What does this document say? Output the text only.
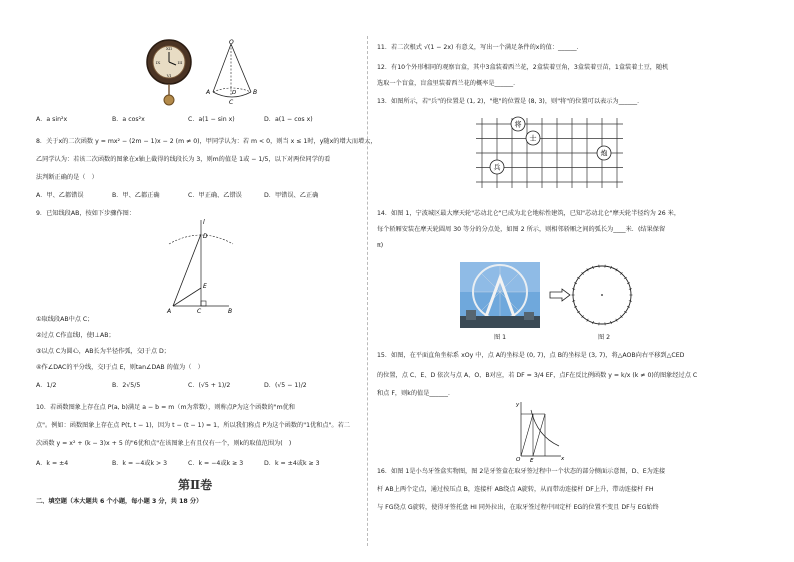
XII
III
VI
IX
O
A	B
C
D
A．a sin²x	B．a cos²x	C．a(1 − sin x)	D．a(1 − cos x)
8．关于x的二次函数 y = mx² − (2m − 1)x − 2 (m ≠ 0)，甲同学认为：若 m < 0，则当 x ≤ 1时，y随x的增大而增大，
乙同学认为：若该二次函数的图象在x轴上截得的线段长为 3，则m的值是 1或 − 1/5，以下对两位同学的看
法判断正确的是（　）
A．甲、乙都错误	B．甲、乙都正确	C．甲正确、乙错误	D．甲错误、乙正确
9．已知线段AB，按如下步骤作图：
l
D
E
A	C	B
①取线段AB中点 C；
②过点 C作直线l，使l⊥AB；
③以点 C为圆心，AB长为半径作弧，交l于点 D；
④作∠DAC的平分线，交l于点 E，则tan∠DAB 的值为（　）
A．1/2	B．2√5/5	C．(√5 + 1)/2	D．(√5 − 1)/2
10．若函数图象上存在点 P(a, b)满足 a − b = m（m为常数），则称点P为这个函数的"m优和
点"。例如：函数图象上存在点 P(t, t − 1)，因为 t − (t − 1) = 1，所以我们称点 P为这个函数的"1优和点"。若二
次函数 y = x² + (k − 3)x + 5 的"6优和点"在该图象上有且仅有一个，则k的取值范围为(　)
A．k = ±4	B．k = −4或k > 3	C．k = −4或k ≥ 3	D．k = ±4或k ≥ 3
第Ⅱ卷
二、填空题（本大题共 6 个小题，每小题 3 分，共 18 分）
11．若二次根式 √(1 − 2x) 有意义，写出一个满足条件的x的值：______．
12．有10个外形相同的观察盲盒，其中3盒装着西兰花，2盒装着豆角，3盒装着豆苗，1盒装着土豆，随机
选取一个盲盒，盲盒里装着西兰花的概率是______．
13．如图所示，若"兵"的位置是 (1, 2)，"炮"的位置是 (8, 3)，则"将"的位置可以表示为______．
将
士
炮
兵
14．如图 1，宁波城区最大摩天轮"芯动北仑"已成为北仑地标性建筑，已知"芯动北仑"摩天轮半径约为 26 米，
每个轿厢安装在摩天轮圆周 30 等分的分点处，如图 2 所示，则相邻轿厢之间的弧长为____米．(结果保留
π)
图 1	图 2
15．如图，在平面直角坐标系 xOy 中，点 A的坐标是 (0, 7)，点 B的坐标是 (3, 7)，将△AOB向右平移到△CED
的位置，点 C、E、D 依次与点 A、O、B对应，若 DF = 3/4 EF，点F在反比例函数 y = k/x (k ≠ 0)的图象经过点 C
和点 F，则k的值是______．
y
x
O E
16．如图 1是小鸟牙签盒实物图，图 2是牙签盒在取牙签过程中一个状态的部分侧面示意图，D、E为连接
杆 AB上两个定点，通过按压点 B，连接杆 AB绕点 A旋转，从而带动连接杆 DF上升，带动连接杆 FH
与 FG绕点 G旋转，使得牙签托盘 HI 同外拉出，在取牙签过程中固定杆 EG的位置不变且 DF与 EG始终
